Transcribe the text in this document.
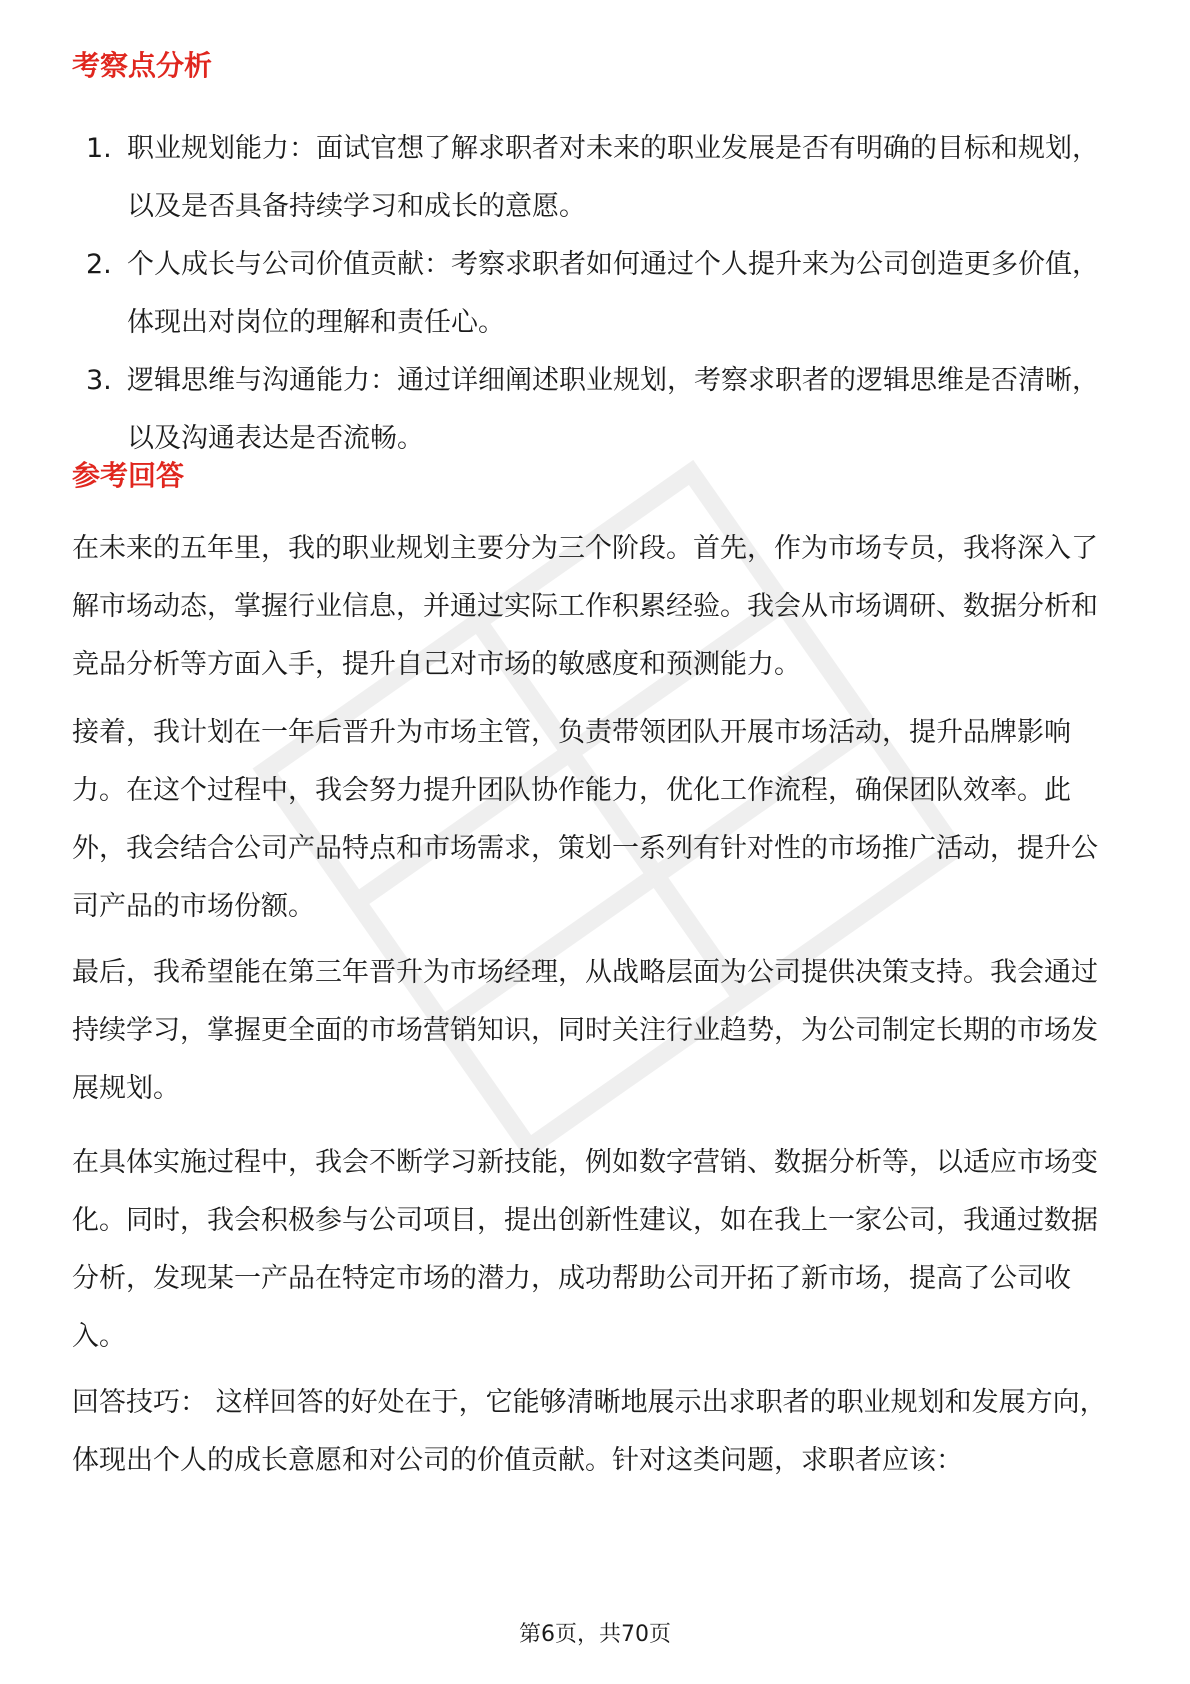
考察点分析
1. 职业规划能力：面试官想了解求职者对未来的职业发展是否有明确的目标和规划，以及是否具备持续学习和成长的意愿。
2. 个人成长与公司价值贡献：考察求职者如何通过个人提升来为公司创造更多价值，体现出对岗位的理解和责任心。
3. 逻辑思维与沟通能力：通过详细阐述职业规划，考察求职者的逻辑思维是否清晰，以及沟通表达是否流畅。
参考回答

在未来的五年里，我的职业规划主要分为三个阶段。首先，作为市场专员，我将深入了解市场动态，掌握行业信息，并通过实际工作积累经验。我会从市场调研、数据分析和竞品分析等方面入手，提升自己对市场的敏感度和预测能力。

接着，我计划在一年后晋升为市场主管，负责带领团队开展市场活动，提升品牌影响力。在这个过程中，我会努力提升团队协作能力，优化工作流程，确保团队效率。此外，我会结合公司产品特点和市场需求，策划一系列有针对性的市场推广活动，提升公司产品的市场份额。

最后，我希望能在第三年晋升为市场经理，从战略层面为公司提供决策支持。我会通过持续学习，掌握更全面的市场营销知识，同时关注行业趋势，为公司制定长期的市场发展规划。

在具体实施过程中，我会不断学习新技能，例如数字营销、数据分析等，以适应市场变化。同时，我会积极参与公司项目，提出创新性建议，如在我上一家公司，我通过数据分析，发现某一产品在特定市场的潜力，成功帮助公司开拓了新市场，提高了公司收入。

回答技巧： 这样回答的好处在于，它能够清晰地展示出求职者的职业规划和发展方向，体现出个人的成长意愿和对公司的价值贡献。针对这类问题，求职者应该：

第6页，共70页
